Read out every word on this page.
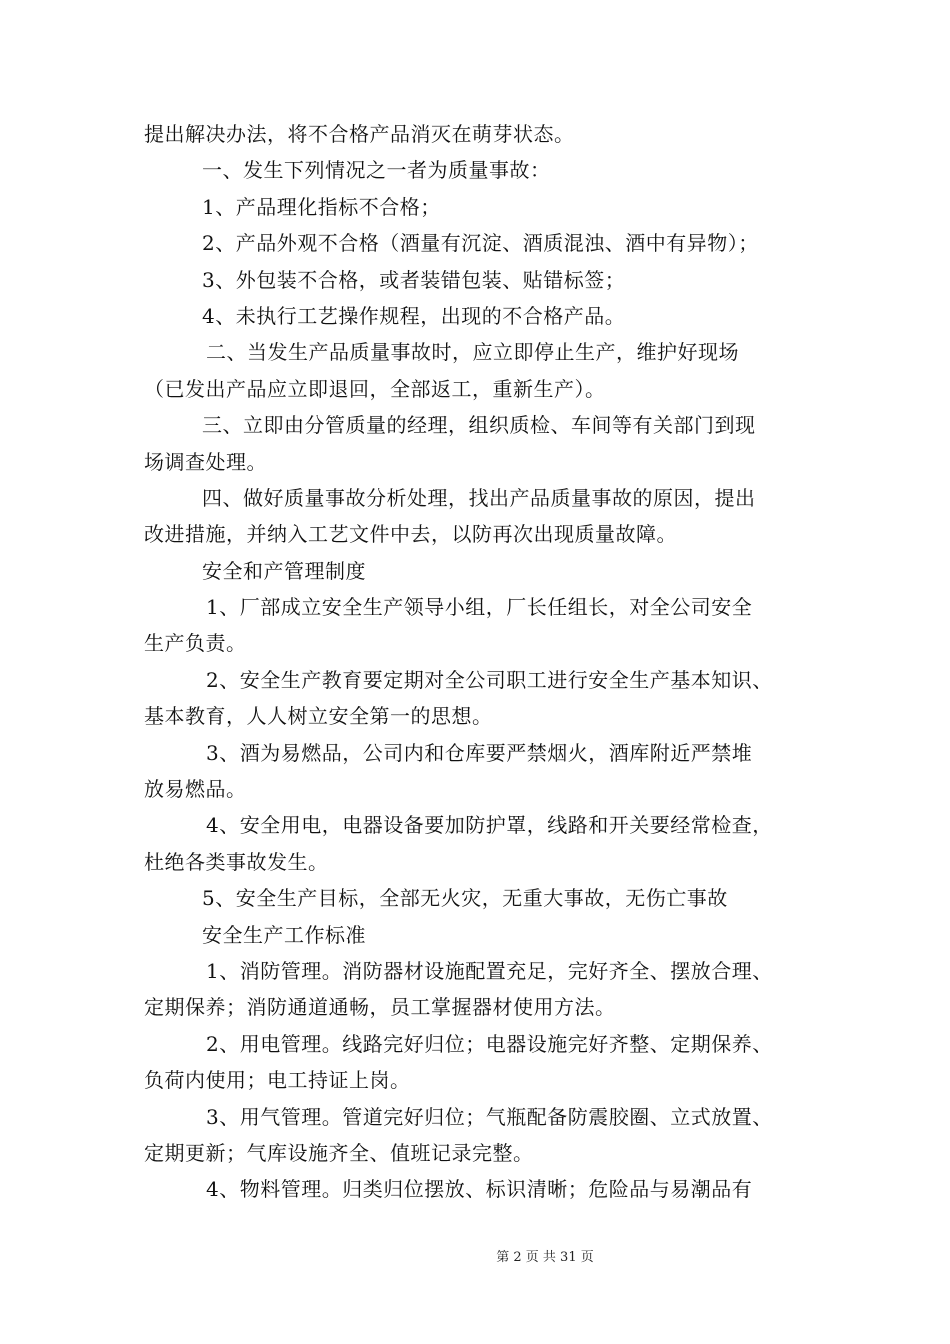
提出解决办法，将不合格产品消灭在萌芽状态。
一、发生下列情况之一者为质量事故：
1、产品理化指标不合格；
2、产品外观不合格（酒量有沉淀、酒质混浊、酒中有异物）；
3、外包装不合格，或者装错包装、贴错标签；
4、未执行工艺操作规程，出现的不合格产品。
二、当发生产品质量事故时，应立即停止生产，维护好现场
（已发出产品应立即退回，全部返工，重新生产）。
三、立即由分管质量的经理，组织质检、车间等有关部门到现
场调查处理。
四、做好质量事故分析处理，找出产品质量事故的原因，提出
改进措施，并纳入工艺文件中去，以防再次出现质量故障。
安全和产管理制度
1、厂部成立安全生产领导小组，厂长任组长，对全公司安全
生产负责。
2、安全生产教育要定期对全公司职工进行安全生产基本知识、
基本教育，人人树立安全第一的思想。
3、酒为易燃品，公司内和仓库要严禁烟火，酒库附近严禁堆
放易燃品。
4、安全用电，电器设备要加防护罩，线路和开关要经常检查，
杜绝各类事故发生。
5、安全生产目标，全部无火灾，无重大事故，无伤亡事故
安全生产工作标准
1、消防管理。消防器材设施配置充足，完好齐全、摆放合理、
定期保养；消防通道通畅，员工掌握器材使用方法。
2、用电管理。线路完好归位；电器设施完好齐整、定期保养、
负荷内使用；电工持证上岗。
3、用气管理。管道完好归位；气瓶配备防震胶圈、立式放置、
定期更新；气库设施齐全、值班记录完整。
4、物料管理。归类归位摆放、标识清晰；危险品与易潮品有
第 2 页 共 31 页
